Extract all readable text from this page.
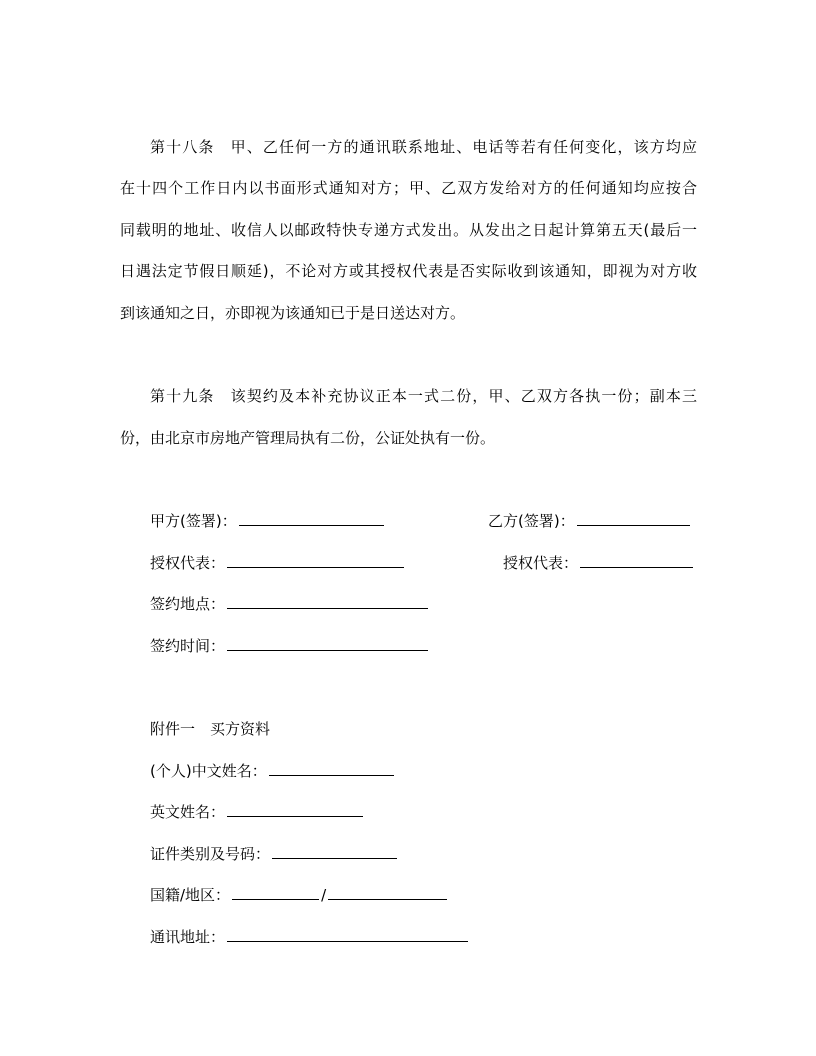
第十八条　甲、乙任何一方的通讯联系地址、电话等若有任何变化，该方均应
在十四个工作日内以书面形式通知对方；甲、乙双方发给对方的任何通知均应按合
同载明的地址、收信人以邮政特快专递方式发出。从发出之日起计算第五天(最后一
日遇法定节假日顺延)，不论对方或其授权代表是否实际收到该通知，即视为对方收
到该通知之日，亦即视为该通知已于是日送达对方。
第十九条　该契约及本补充协议正本一式二份，甲、乙双方各执一份；副本三
份，由北京市房地产管理局执有二份，公证处执有一份。
甲方(签署)：	乙方(签署)：
授权代表：	授权代表：
签约地点：
签约时间：
附件一　买方资料
(个人)中文姓名：
英文姓名：
证件类别及号码：
国籍/地区：	/
通讯地址：
